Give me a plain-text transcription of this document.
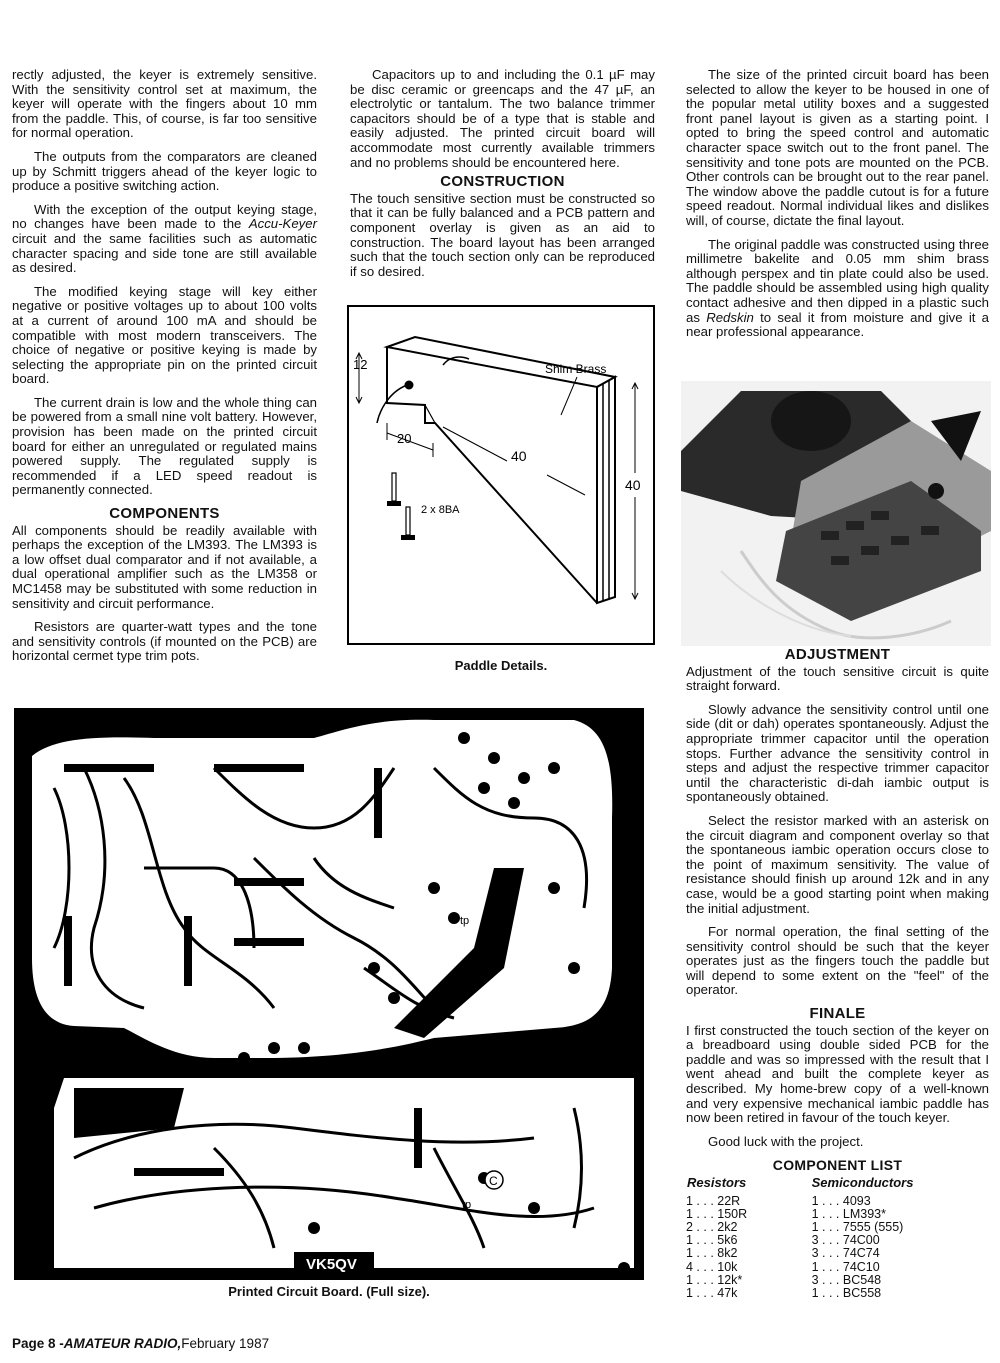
rectly adjusted, the keyer is extremely sensitive. With the sensitivity control set at maximum, the keyer will operate with the fingers about 10 mm from the paddle. This, of course, is far too sensitive for normal operation.

The outputs from the comparators are cleaned up by Schmitt triggers ahead of the keyer logic to produce a positive switching action.

With the exception of the output keying stage, no changes have been made to the Accu-Keyer circuit and the same facilities such as automatic character spacing and side tone are still available as desired.

The modified keying stage will key either negative or positive voltages up to about 100 volts at a current of around 100 mA and should be compatible with most modern transceivers. The choice of negative or positive keying is made by selecting the appropriate pin on the printed circuit board.

The current drain is low and the whole thing can be powered from a small nine volt battery. However, provision has been made on the printed circuit board for either an unregulated or regulated mains powered supply. The regulated supply is recommended if a LED speed readout is permanently connected.

COMPONENTS

All components should be readily available with perhaps the exception of the LM393. The LM393 is a low offset dual comparator and if not available, a dual operational amplifier such as the LM358 or MC1458 may be substituted with some reduction in sensitivity and circuit performance.

Resistors are quarter-watt types and the tone and sensitivity controls (if mounted on the PCB) are horizontal cermet type trim pots.

Capacitors up to and including the 0.1 µF may be disc ceramic or greencaps and the 47 µF, an electrolytic or tantalum. The two balance trimmer capacitors should be of a type that is stable and easily adjusted. The printed circuit board will accommodate most currently available trimmers and no problems should be encountered here.

CONSTRUCTION

The touch sensitive section must be constructed so that it can be fully balanced and a PCB pattern and component overlay is given as an aid to construction. The board layout has been arranged such that the touch section only can be reproduced if so desired.

12
20
40
40
Shim Brass
2 x 8BA
Paddle Details.

The size of the printed circuit board has been selected to allow the keyer to be housed in one of the popular metal utility boxes and a suggested front panel layout is given as a starting point. I opted to bring the speed control and automatic character space switch out to the front panel. The sensitivity and tone pots are mounted on the PCB. Other controls can be brought out to the rear panel. The window above the paddle cutout is for a future speed readout. Normal individual likes and dislikes will, of course, dictate the final layout.

The original paddle was constructed using three millimetre bakelite and 0.05 mm shim brass although perspex and tin plate could also be used. The paddle should be assembled using high quality contact adhesive and then dipped in a plastic such as Redskin to seal it from moisture and give it a near professional appearance.

ADJUSTMENT

Adjustment of the touch sensitive circuit is quite straight forward.

Slowly advance the sensitivity control until one side (dit or dah) operates spontaneously. Adjust the appropriate trimmer capacitor until the operation stops. Further advance the sensitivity control in steps and adjust the respective trimmer capacitor until the characteristic di-dah iambic output is spontaneously obtained.

Select the resistor marked with an asterisk on the circuit diagram and component overlay so that the spontaneous iambic operation occurs close to the point of maximum sensitivity. The value of resistance should finish up around 12k and in any case, would be a good starting point when making the initial adjustment.

For normal operation, the final setting of the sensitivity control should be such that the keyer operates just as the fingers touch the paddle but will depend to some extent on the "feel" of the operator.

FINALE

I first constructed the touch section of the keyer on a breadboard using double sided PCB for the paddle and was so impressed with the result that I went ahead and built the complete keyer as described. My home-brew copy of a well-known and very expensive mechanical iambic paddle has now been retired in favour of the touch keyer.

Good luck with the project.

COMPONENT LIST
Resistors	Semiconductors
1 . . . 22R	1 . . . 4093
1 . . . 150R	1 . . . LM393*
2 . . . 2k2	1 . . . 7555 (555)
1 . . . 5k6	3 . . . 74C00
1 . . . 8k2	3 . . . 74C74
4 . . . 10k	1 . . . 74C10
1 . . . 12k*	3 . . . BC548
1 . . . 47k	1 . . . BC558
1986
tp
tp
C
VK5QV
Printed Circuit Board. (Full size).
Page 8 -AMATEUR RADIO,February 1987
